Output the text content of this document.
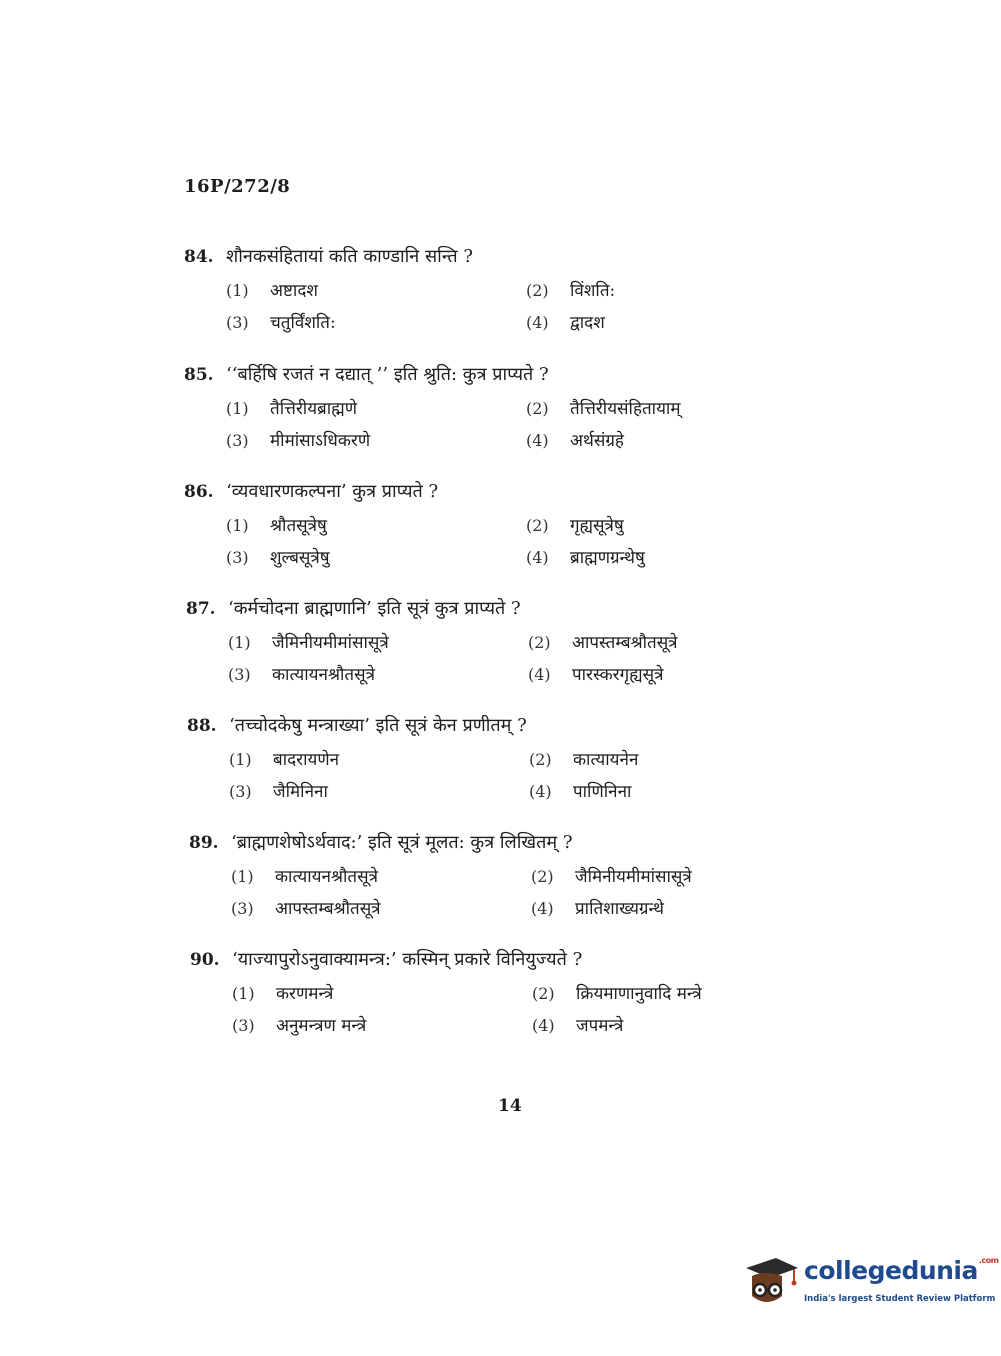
16P/272/8
84. शौनकसंहितायां कति काण्डानि सन्ति ?
(1)	अष्टादश	(2)	विंशति:
(3)	चतुर्विंशति:	(4)	द्वादश
85. ‘‘बर्हिषि रजतं न दद्यात् ’’ इति श्रुति: कुत्र प्राप्यते ?
(1)	तैत्तिरीयब्राह्मणे	(2)	तैत्तिरीयसंहितायाम्
(3)	मीमांसाऽधिकरणे	(4)	अर्थसंग्रहे
86. ‘व्यवधारणकल्पना’ कुत्र प्राप्यते ?
(1)	श्रौतसूत्रेषु	(2)	गृह्यसूत्रेषु
(3)	शुल्बसूत्रेषु	(4)	ब्राह्मणग्रन्थेषु
87. ‘कर्मचोदना ब्राह्मणानि’ इति सूत्रं कुत्र प्राप्यते ?
(1)	जैमिनीयमीमांसासूत्रे	(2)	आपस्तम्बश्रौतसूत्रे
(3)	कात्यायनश्रौतसूत्रे	(4)	पारस्करगृह्यसूत्रे
88. ‘तच्चोदकेषु मन्त्राख्या’ इति सूत्रं केन प्रणीतम् ?
(1)	बादरायणेन	(2)	कात्यायनेन
(3)	जैमिनिना	(4)	पाणिनिना
89. ‘ब्राह्मणशेषोऽर्थवाद:’ इति सूत्रं मूलत: कुत्र लिखितम् ?
(1)	कात्यायनश्रौतसूत्रे	(2)	जैमिनीयमीमांसासूत्रे
(3)	आपस्तम्बश्रौतसूत्रे	(4)	प्रातिशाख्यग्रन्थे
90. ‘याज्यापुरोऽनुवाक्यामन्त्र:’ कस्मिन् प्रकारे विनियुज्यते ?
(1)	करणमन्त्रे	(2)	क्रियमाणानुवादि मन्त्रे
(3)	अनुमन्त्रण मन्त्रे	(4)	जपमन्त्रे
14
collegedunia$^{.com}$
India's largest Student Review Platform
